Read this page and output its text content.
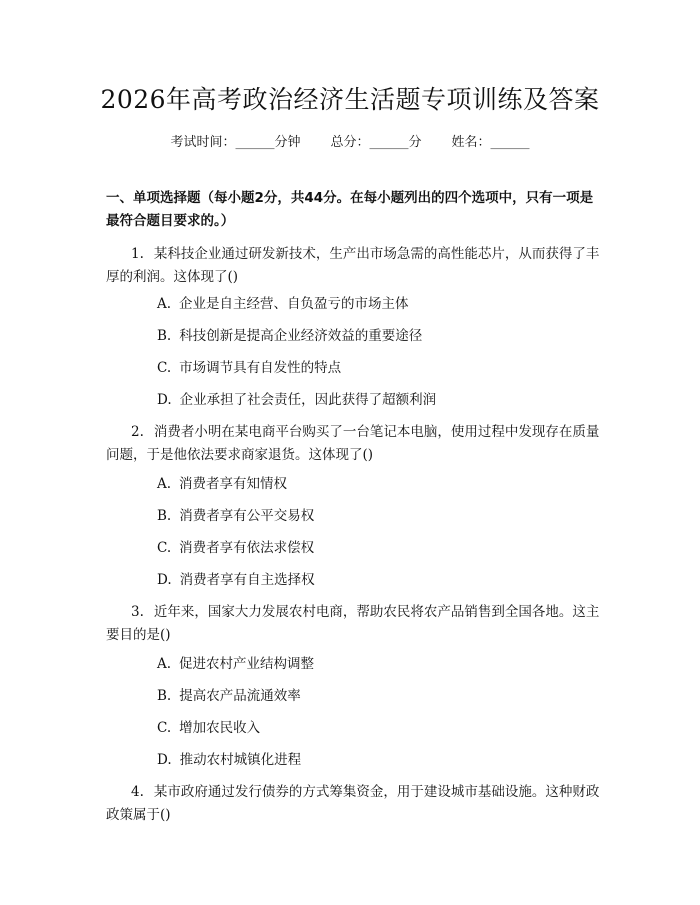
2026年高考政治经济生活题专项训练及答案
考试时间：______分钟 总分：______分 姓名：______
一、单项选择题（每小题2分，共44分。在每小题列出的四个选项中，只有一项是最符合题目要求的。）
1. 某科技企业通过研发新技术，生产出市场急需的高性能芯片，从而获得了丰厚的利润。这体现了()
A. 企业是自主经营、自负盈亏的市场主体
B. 科技创新是提高企业经济效益的重要途径
C. 市场调节具有自发性的特点
D. 企业承担了社会责任，因此获得了超额利润
2. 消费者小明在某电商平台购买了一台笔记本电脑，使用过程中发现存在质量问题，于是他依法要求商家退货。这体现了()
A. 消费者享有知情权
B. 消费者享有公平交易权
C. 消费者享有依法求偿权
D. 消费者享有自主选择权
3. 近年来，国家大力发展农村电商，帮助农民将农产品销售到全国各地。这主要目的是()
A. 促进农村产业结构调整
B. 提高农产品流通效率
C. 增加农民收入
D. 推动农村城镇化进程
4. 某市政府通过发行债券的方式筹集资金，用于建设城市基础设施。这种财政政策属于()
